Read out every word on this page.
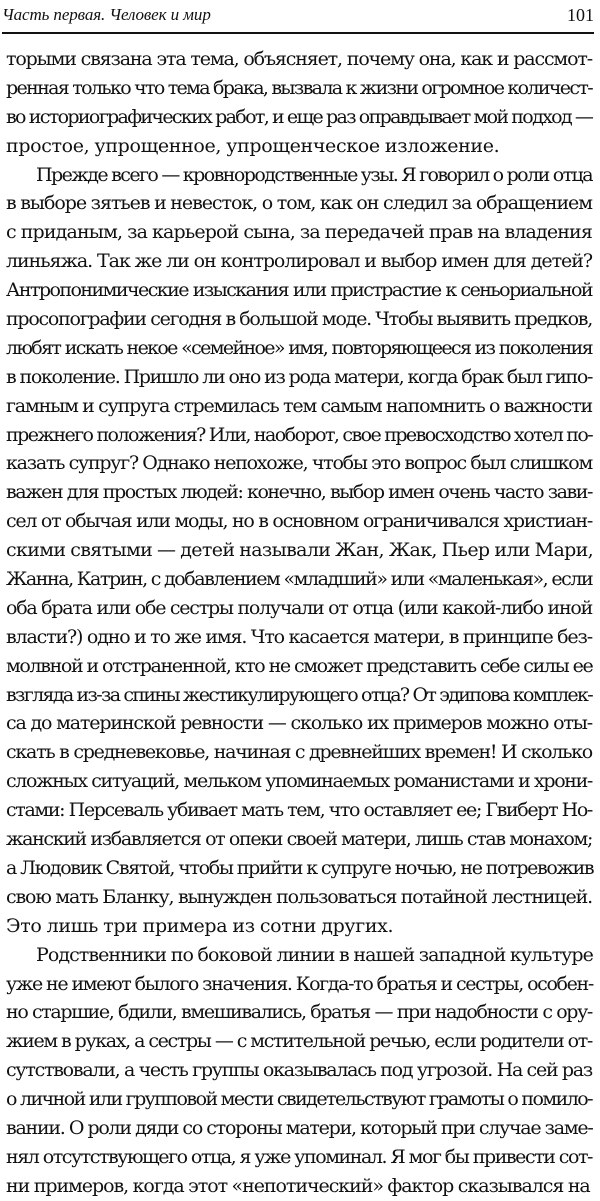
Часть первая. Человек и мир	101
торыми связана эта тема, объясняет, почему она, как и рассмот-
ренная только что тема брака, вызвала к жизни огромное количест-
во историографических работ, и еще раз оправдывает мой подход —
простое, упрощенное, упрощенческое изложение.
Прежде всего — кровнородственные узы. Я говорил о роли отца
в выборе зятьев и невесток, о том, как он следил за обращением
с приданым, за карьерой сына, за передачей прав на владения
линьяжа. Так же ли он контролировал и выбор имен для детей?
Антропонимические изыскания или пристрастие к сеньориальной
просопографии сегодня в большой моде. Чтобы выявить предков,
любят искать некое «семейное» имя, повторяющееся из поколения
в поколение. Пришло ли оно из рода матери, когда брак был гипо-
гамным и супруга стремилась тем самым напомнить о важности
прежнего положения? Или, наоборот, свое превосходство хотел по-
казать супруг? Однако непохоже, чтобы это вопрос был слишком
важен для простых людей: конечно, выбор имен очень часто зави-
сел от обычая или моды, но в основном ограничивался христиан-
скими святыми — детей называли Жан, Жак, Пьер или Мари,
Жанна, Катрин, с добавлением «младший» или «маленькая», если
оба брата или обе сестры получали от отца (или какой-либо иной
власти?) одно и то же имя. Что касается матери, в принципе без-
молвной и отстраненной, кто не сможет представить себе силы ее
взгляда из-за спины жестикулирующего отца? От эдипова комплек-
са до материнской ревности — сколько их примеров можно оты-
скать в средневековье, начиная с древнейших времен! И сколько
сложных ситуаций, мельком упоминаемых романистами и хрони-
стами: Персеваль убивает мать тем, что оставляет ее; Гвиберт Но-
жанский избавляется от опеки своей матери, лишь став монахом;
а Людовик Святой, чтобы прийти к супруге ночью, не потревожив
свою мать Бланку, вынужден пользоваться потайной лестницей.
Это лишь три примера из сотни других.
Родственники по боковой линии в нашей западной культуре
уже не имеют былого значения. Когда-то братья и сестры, особен-
но старшие, бдили, вмешивались, братья — при надобности с ору-
жием в руках, а сестры — с мстительной речью, если родители от-
сутствовали, а честь группы оказывалась под угрозой. На сей раз
о личной или групповой мести свидетельствуют грамоты о помило-
вании. О роли дяди со стороны матери, который при случае заме-
нял отсутствующего отца, я уже упоминал. Я мог бы привести сот-
ни примеров, когда этот «непотический» фактор сказывался на
